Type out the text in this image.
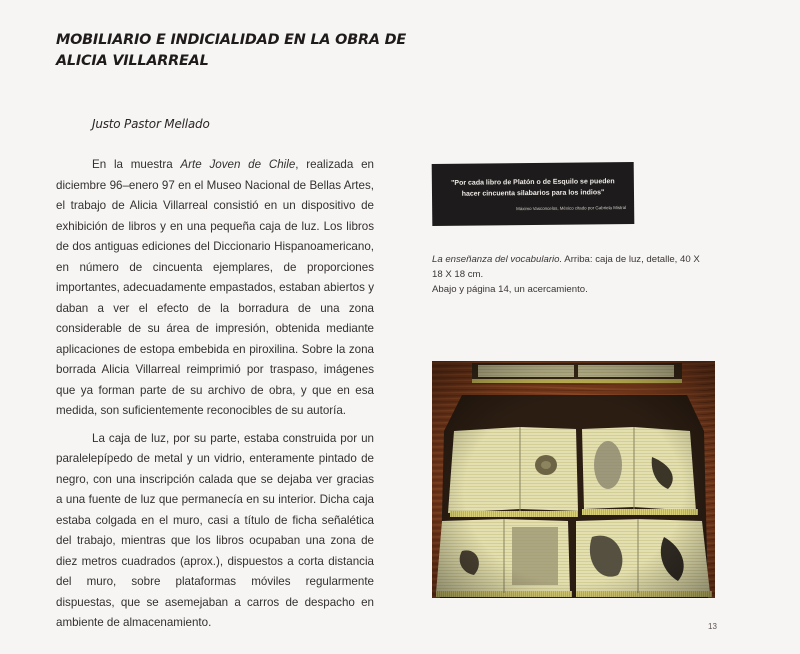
MOBILIARIO E INDICIALIDAD EN LA OBRA DE ALICIA VILLARREAL
Justo Pastor Mellado

En la muestra Arte Joven de Chile, realizada en diciembre 96–enero 97 en el Museo Nacional de Bellas Artes, el trabajo de Alicia Villarreal consistió en un dispositivo de exhibición de libros y en una pequeña caja de luz. Los libros de dos antiguas ediciones del Diccionario Hispanoamericano, en número de cincuenta ejemplares, de proporciones importantes, adecuadamente empastados, estaban abiertos y daban a ver el efecto de la borradura de una zona considerable de su área de impresión, obtenida mediante aplicaciones de estopa embebida en piroxilina. Sobre la zona borrada Alicia Villarreal reimprimió por traspaso, imágenes que ya forman parte de su archivo de obra, y que en esa medida, son suficientemente reconocibles de su autoría.

La caja de luz, por su parte, estaba construida por un paralelepípedo de metal y un vidrio, enteramente pintado de negro, con una inscripción calada que se dejaba ver gracias a una fuente de luz que permanecía en su interior. Dicha caja estaba colgada en el muro, casi a título de ficha señalética del trabajo, mientras que los libros ocupaban una zona de diez metros cuadrados (aprox.), dispuestos a corta distancia del muro, sobre plataformas móviles regularmente dispuestas, que se asemejaban a carros de despacho en ambiente de almacenamiento.

"Por cada libro de Platón o de Esquilo se pueden hacer cincuenta silabarios para los indios"
Máximo Vasconcelos, México citado por Gabriela Mistral
La enseñanza del vocabulario. Arriba: caja de luz, detalle, 40 X 18 X 18 cm.
Abajo y página 14, un acercamiento.
13
